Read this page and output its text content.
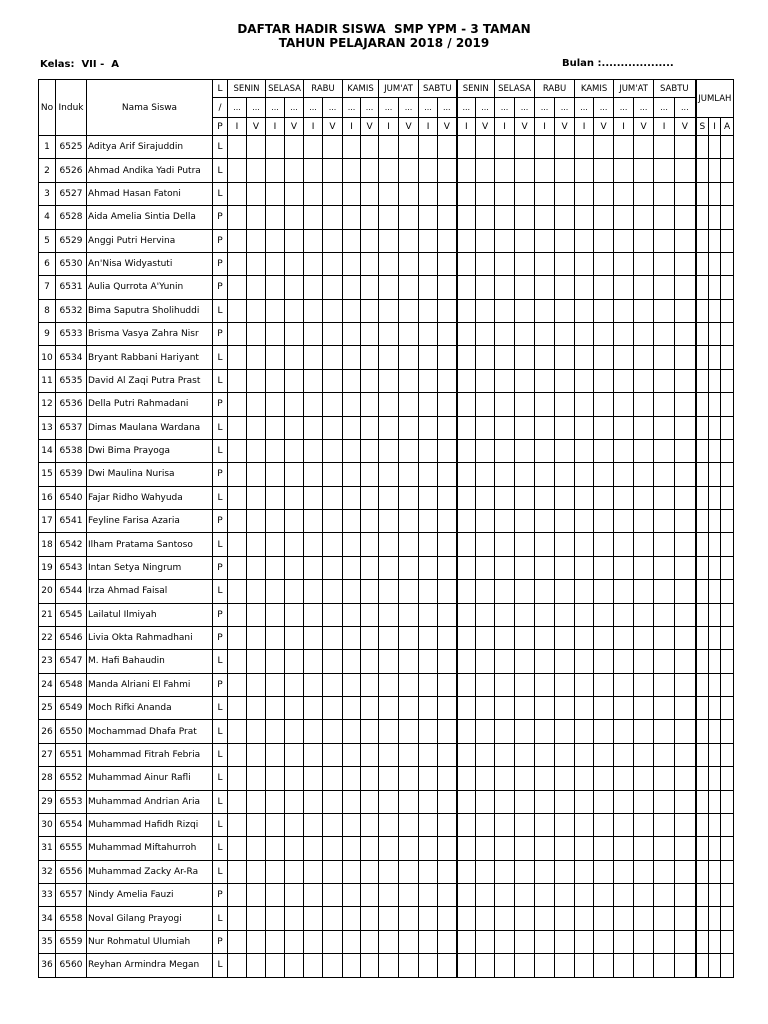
DAFTAR HADIR SISWA  SMP YPM - 3 TAMAN
TAHUN PELAJARAN 2018 / 2019
Kelas:  VII -  A	Bulan :...................
No	Induk	Nama Siswa	L	SENIN		SELASA		RABU		KAMIS		JUM'AT		SABTU		SENIN		SELASA		RABU		KAMIS		JUM'AT		SABTU		JUMLAH		
			/	...	...	...	...	...	...	...	...	...	...	...	...	...	...	...	...	...	...	...	...	...	...	...	...			
			P	I	V	I	V	I	V	I	V	I	V	I	V	I	V	I	V	I	V	I	V	I	V	I	V	S	I	A
1	6525	Aditya Arif Sirajuddin	L																											
2	6526	Ahmad Andika Yadi Putra	L																											
3	6527	Ahmad Hasan Fatoni	L																											
4	6528	Aida Amelia Sintia Della	P																											
5	6529	Anggi Putri Hervina	P																											
6	6530	An'Nisa Widyastuti	P																											
7	6531	Aulia Qurrota A'Yunin	P																											
8	6532	Bima Saputra Sholihuddi	L																											
9	6533	Brisma Vasya Zahra Nisr	P																											
10	6534	Bryant Rabbani Hariyant	L																											
11	6535	David Al Zaqi Putra Prast	L																											
12	6536	Della Putri Rahmadani	P																											
13	6537	Dimas Maulana Wardana	L																											
14	6538	Dwi Bima Prayoga	L																											
15	6539	Dwi Maulina Nurisa	P																											
16	6540	Fajar Ridho Wahyuda	L																											
17	6541	Feyline Farisa Azaria	P																											
18	6542	Ilham Pratama Santoso	L																											
19	6543	Intan Setya Ningrum	P																											
20	6544	Irza Ahmad Faisal	L																											
21	6545	Lailatul Ilmiyah	P																											
22	6546	Livia Okta Rahmadhani	P																											
23	6547	M. Hafi Bahaudin	L																											
24	6548	Manda Alriani El Fahmi	P																											
25	6549	Moch Rifki Ananda	L																											
26	6550	Mochammad Dhafa Prat	L																											
27	6551	Mohammad Fitrah Febria	L																											
28	6552	Muhammad Ainur Rafli	L																											
29	6553	Muhammad Andrian Aria	L																											
30	6554	Muhammad Hafidh Rizqi	L																											
31	6555	Muhammad Miftahurroh	L																											
32	6556	Muhammad Zacky Ar-Ra	L																											
33	6557	Nindy Amelia Fauzi	P																											
34	6558	Noval Gilang Prayogi	L																											
35	6559	Nur Rohmatul Ulumiah	P																											
36	6560	Reyhan Armindra Megan	L																											
